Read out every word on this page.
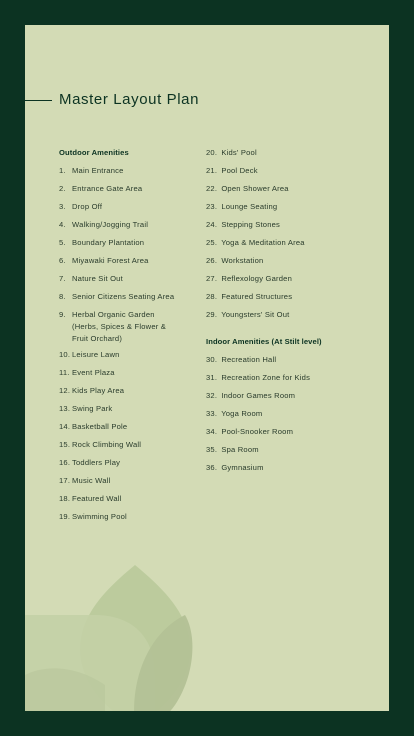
Master Layout Plan
Outdoor Amenities
1. Main Entrance
2. Entrance Gate Area
3. Drop Off
4. Walking/Jogging Trail
5. Boundary Plantation
6. Miyawaki Forest Area
7. Nature Sit Out
8. Senior Citizens Seating Area
9. Herbal Organic Garden (Herbs, Spices & Flower & Fruit Orchard)
10. Leisure Lawn
11. Event Plaza
12. Kids Play Area
13. Swing Park
14. Basketball Pole
15. Rock Climbing Wall
16. Toddlers Play
17. Music Wall
18. Featured Wall
19. Swimming Pool
20. Kids' Pool
21. Pool Deck
22. Open Shower Area
23. Lounge Seating
24. Stepping Stones
25. Yoga & Meditation Area
26. Workstation
27. Reflexology Garden
28. Featured Structures
29. Youngsters' Sit Out
Indoor Amenities (At Stilt level)
30. Recreation Hall
31. Recreation Zone for Kids
32. Indoor Games Room
33. Yoga Room
34. Pool-Snooker Room
35. Spa Room
36. Gymnasium
